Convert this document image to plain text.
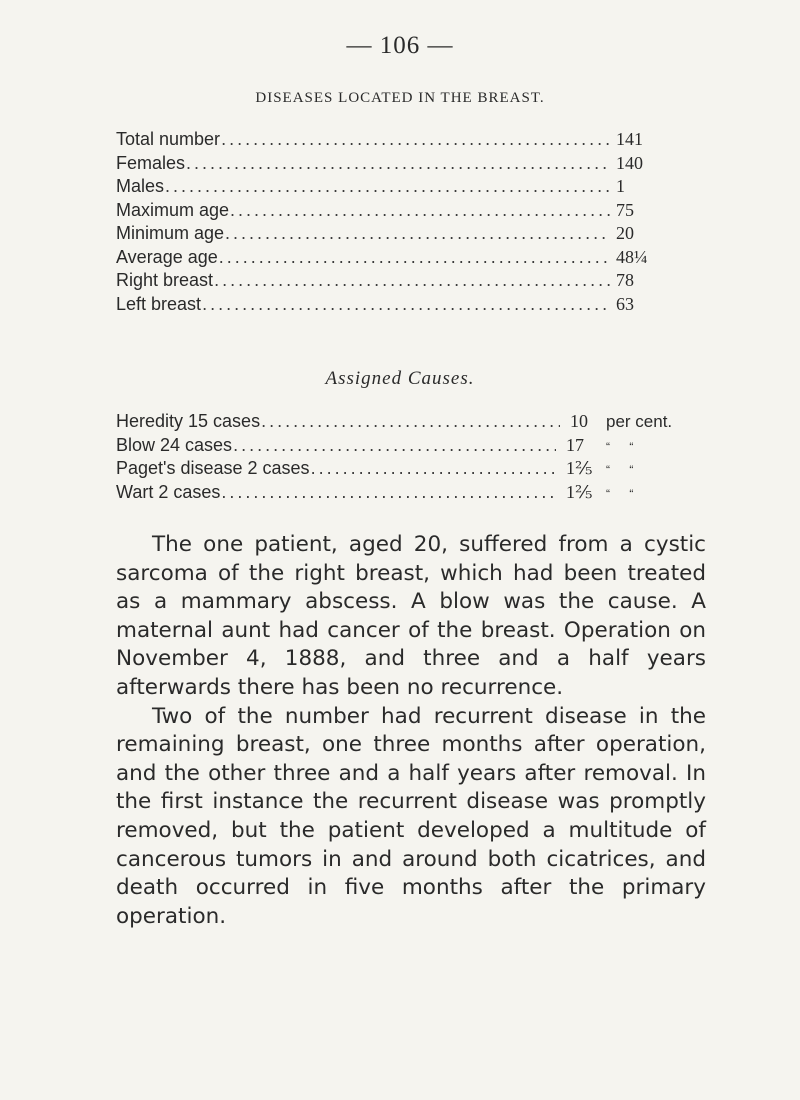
— 106 —
DISEASES LOCATED IN THE BREAST.
Total number .....	141
Females .....	140
Males .....	1
Maximum age .....	75
Minimum age .....	20
Average age .....	48¼
Right breast .....	78
Left breast .....	63
Assigned Causes.
Heredity 15 cases .....	10	per cent.
Blow 24 cases .....	17	“ “
Paget's disease 2 cases .....	1⅖	“ “
Wart 2 cases .....	1⅖	“ “

The one patient, aged 20, suffered from a cystic sarcoma of the right breast, which had been treated as a mammary abscess. A blow was the cause. A maternal aunt had cancer of the breast. Operation on November 4, 1888, and three and a half years afterwards there has been no recurrence.

Two of the number had recurrent disease in the remaining breast, one three months after operation, and the other three and a half years after removal. In the first instance the recurrent disease was promptly removed, but the patient developed a multitude of cancerous tumors in and around both cicatrices, and death occurred in five months after the primary operation.
